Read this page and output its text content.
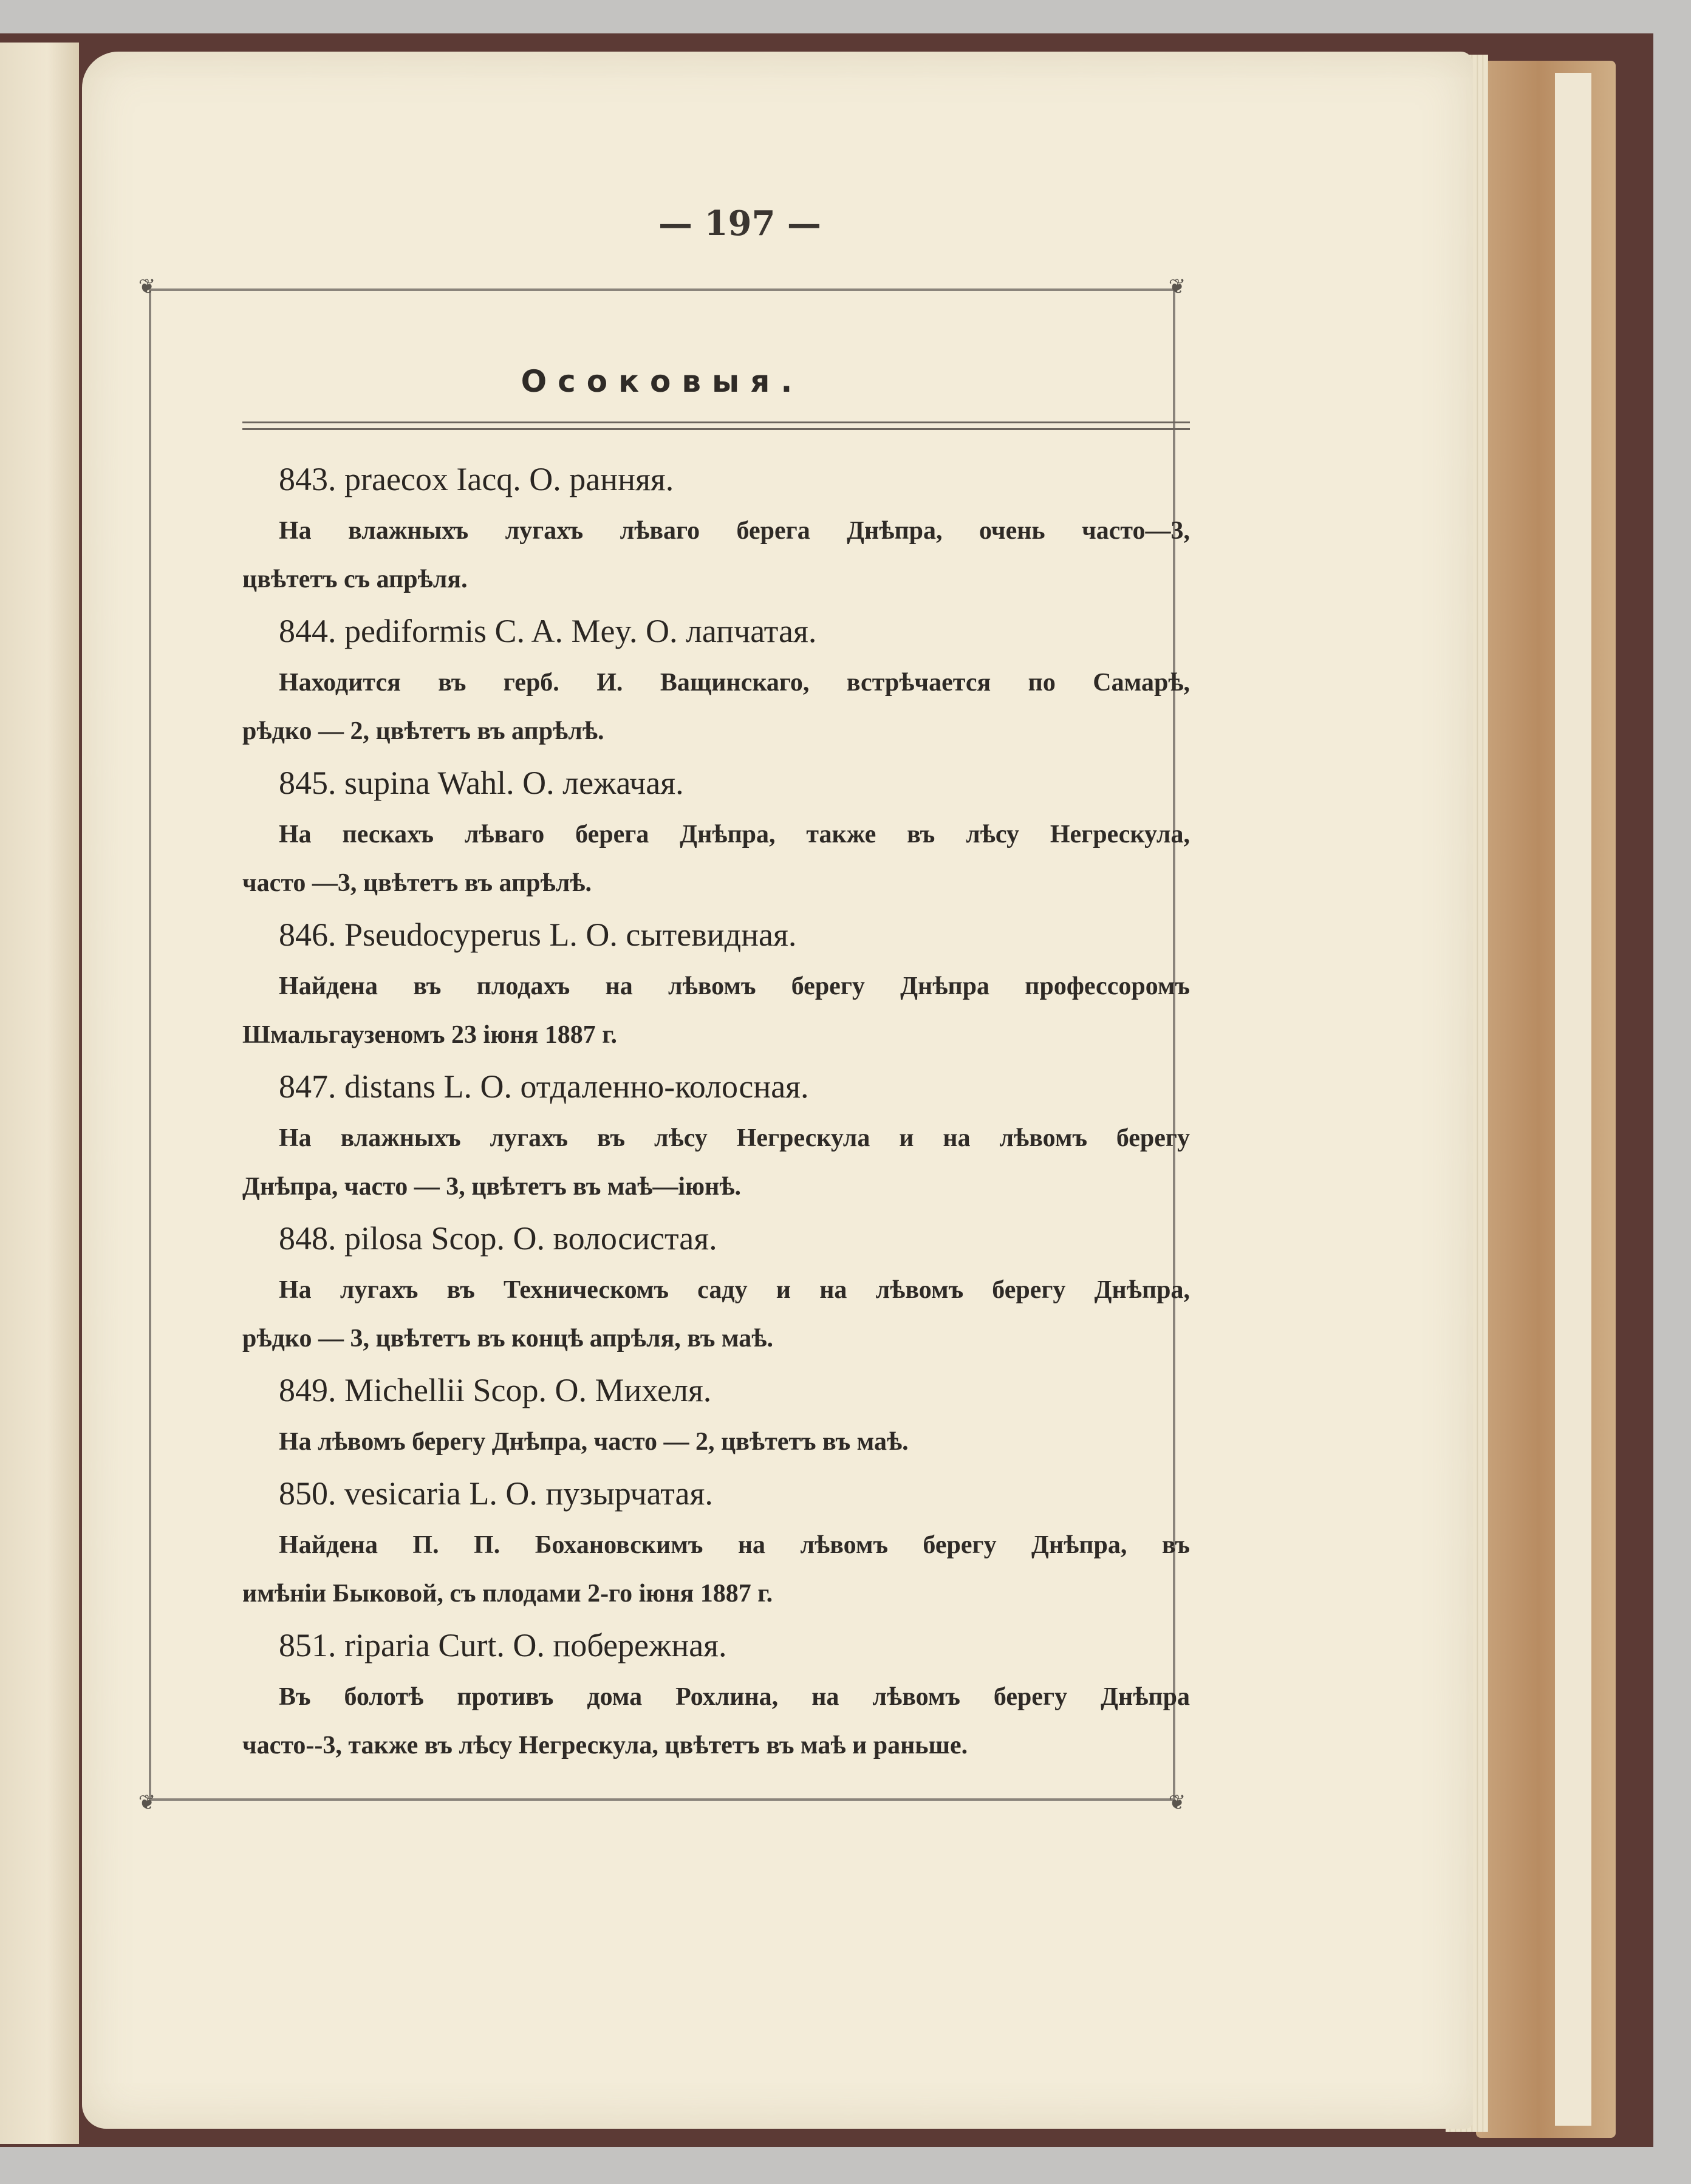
— 197 —
❦	❦
❦	❦
Осоковыя.
843. praecox Iacq. О. ранняя.
На влажныхъ лугахъ лѣваго берега Днѣпра, очень часто—3,
цвѣтетъ съ апрѣля.
844. pediformis C. A. Mey. О. лапчатая.
Находится въ герб. И. Ващинскаго, встрѣчается по Самарѣ,
рѣдко — 2, цвѣтетъ въ апрѣлѣ.
845. supina Wahl. О. лежачая.
На пескахъ лѣваго берега Днѣпра, также въ лѣсу Негрескула,
часто —3, цвѣтетъ въ апрѣлѣ.
846. Pseudocyperus L. О. сытевидная.
Найдена въ плодахъ на лѣвомъ берегу Днѣпра профессоромъ
Шмальгаузеномъ 23 іюня 1887 г.
847. distans L. О. отдаленно-колосная.
На влажныхъ лугахъ въ лѣсу Негрескула и на лѣвомъ берегу
Днѣпра, часто — 3, цвѣтетъ въ маѣ—іюнѣ.
848. pilosa Scop. О. волосистая.
На лугахъ въ Техническомъ саду и на лѣвомъ берегу Днѣпра,
рѣдко — 3, цвѣтетъ въ концѣ апрѣля, въ маѣ.
849. Michellii Scop. О. Михеля.
На лѣвомъ берегу Днѣпра, часто — 2, цвѣтетъ въ маѣ.
850. vesicaria L. О. пузырчатая.
Найдена П. П. Бохановскимъ на лѣвомъ берегу Днѣпра, въ
имѣніи Быковой, съ плодами 2-го іюня 1887 г.
851. riparia Curt. О. побережная.
Въ болотѣ противъ дома Рохлина, на лѣвомъ берегу Днѣпра
часто--3, также въ лѣсу Негрескула, цвѣтетъ въ маѣ и раньше.
